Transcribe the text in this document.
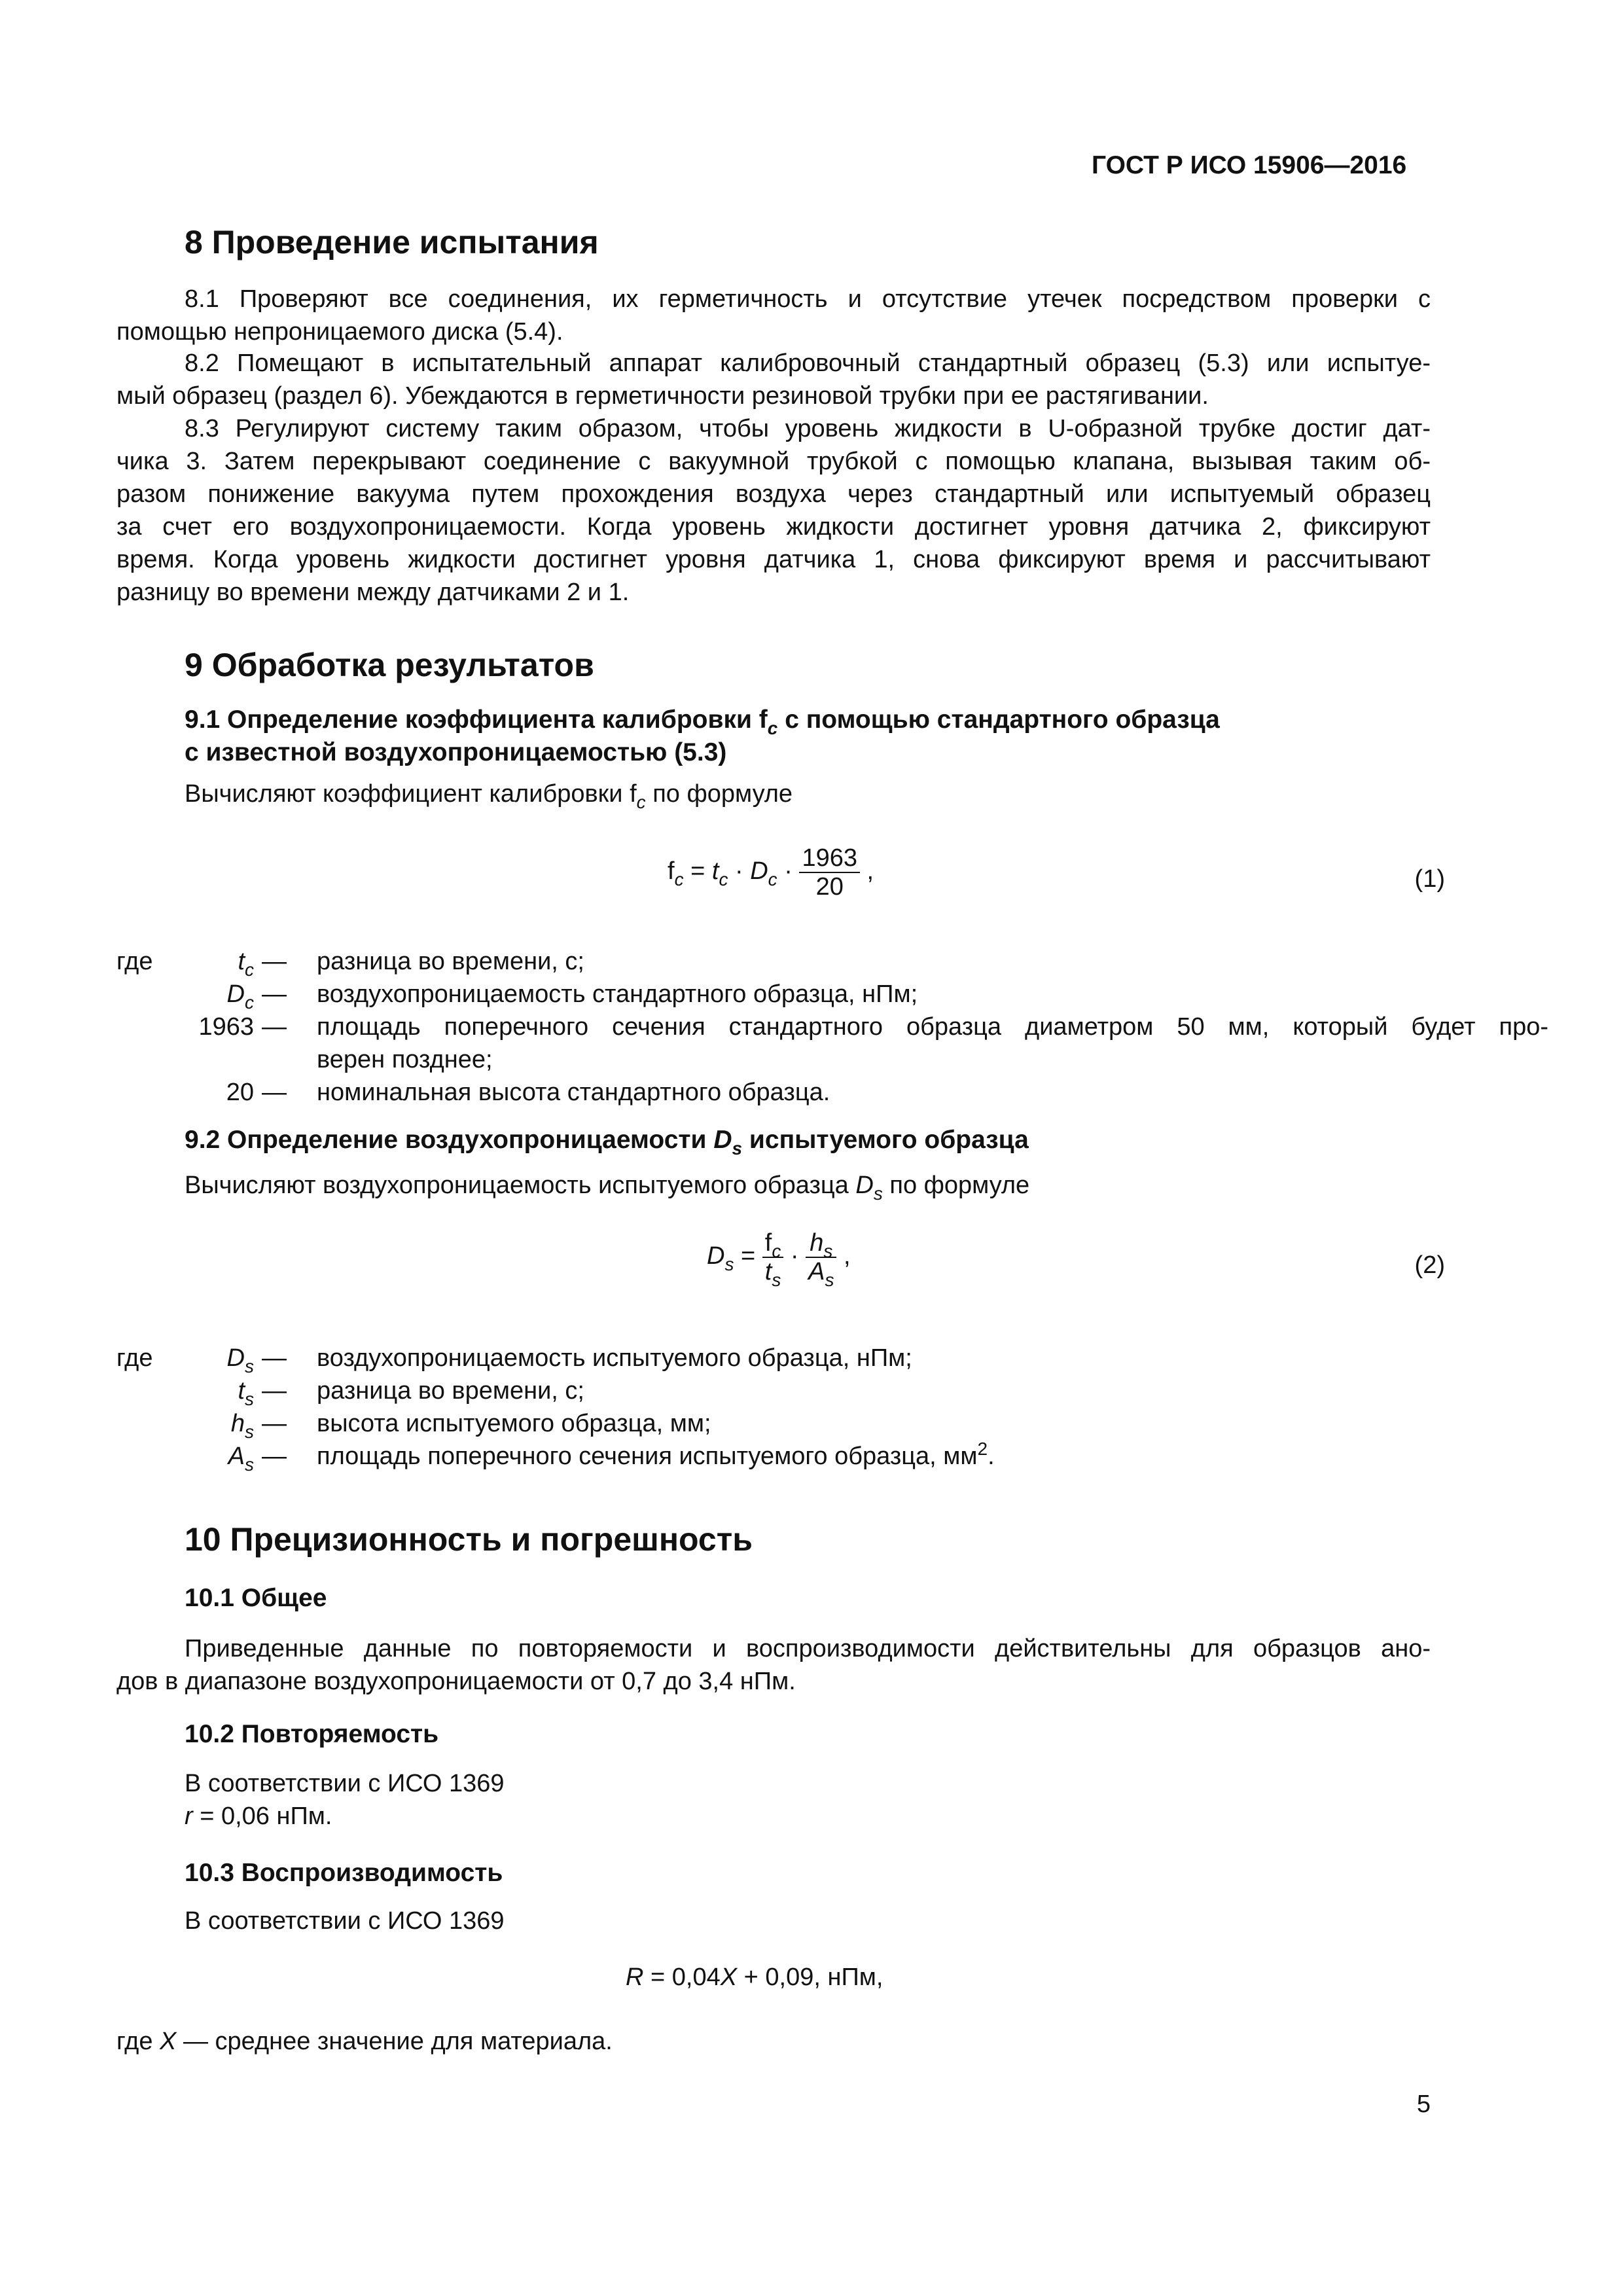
ГОСТ Р ИСО 15906—2016
8 Проведение испытания
8.1 Проверяют все соединения, их герметичность и отсутствие утечек посредством проверки с
помощью непроницаемого диска (5.4).
8.2 Помещают в испытательный аппарат калибровочный стандартный образец (5.3) или испытуе-
мый образец (раздел 6). Убеждаются в герметичности резиновой трубки при ее растягивании.
8.3 Регулируют систему таким образом, чтобы уровень жидкости в U-образной трубке достиг дат-
чика 3. Затем перекрывают соединение с вакуумной трубкой с помощью клапана, вызывая таким об-
разом понижение вакуума путем прохождения воздуха через стандартный или испытуемый образец
за счет его воздухопроницаемости. Когда уровень жидкости достигнет уровня датчика 2, фиксируют
время. Когда уровень жидкости достигнет уровня датчика 1, снова фиксируют время и рассчитывают
разницу во времени между датчиками 2 и 1.
9 Обработка результатов
9.1 Определение коэффициента калибровки $f_c$ с помощью стандартного образца
с известной воздухопроницаемостью (5.3)
Вычисляют коэффициент калибровки $f_c$ по формуле
$f_c = t_c \cdot D_c \cdot \frac{1963}{20}$ ,	(1)
где	$t_c$ — разница во времени, с;
$D_c$ — воздухопроницаемость стандартного образца, нПм;
1963 — площадь поперечного сечения стандартного образца диаметром 50 мм, который будет про-
верен позднее;
20 — номинальная высота стандартного образца.
9.2 Определение воздухопроницаемости $D_s$ испытуемого образца
Вычисляют воздухопроницаемость испытуемого образца $D_s$ по формуле
$D_s = \frac{f_c}{t_s} \cdot \frac{h_s}{A_s}$ ,	(2)
где	$D_s$ — воздухопроницаемость испытуемого образца, нПм;
$t_s$ — разница во времени, с;
$h_s$ — высота испытуемого образца, мм;
$A_s$ — площадь поперечного сечения испытуемого образца, $мм^2$.
10 Прецизионность и погрешность
10.1 Общее
Приведенные данные по повторяемости и воспроизводимости действительны для образцов ано-
дов в диапазоне воздухопроницаемости от 0,7 до 3,4 нПм.
10.2 Повторяемость
В соответствии с ИСО 1369
r = 0,06 нПм.
10.3 Воспроизводимость
В соответствии с ИСО 1369
R = 0,04X + 0,09, нПм,
где X — среднее значение для материала.
5
